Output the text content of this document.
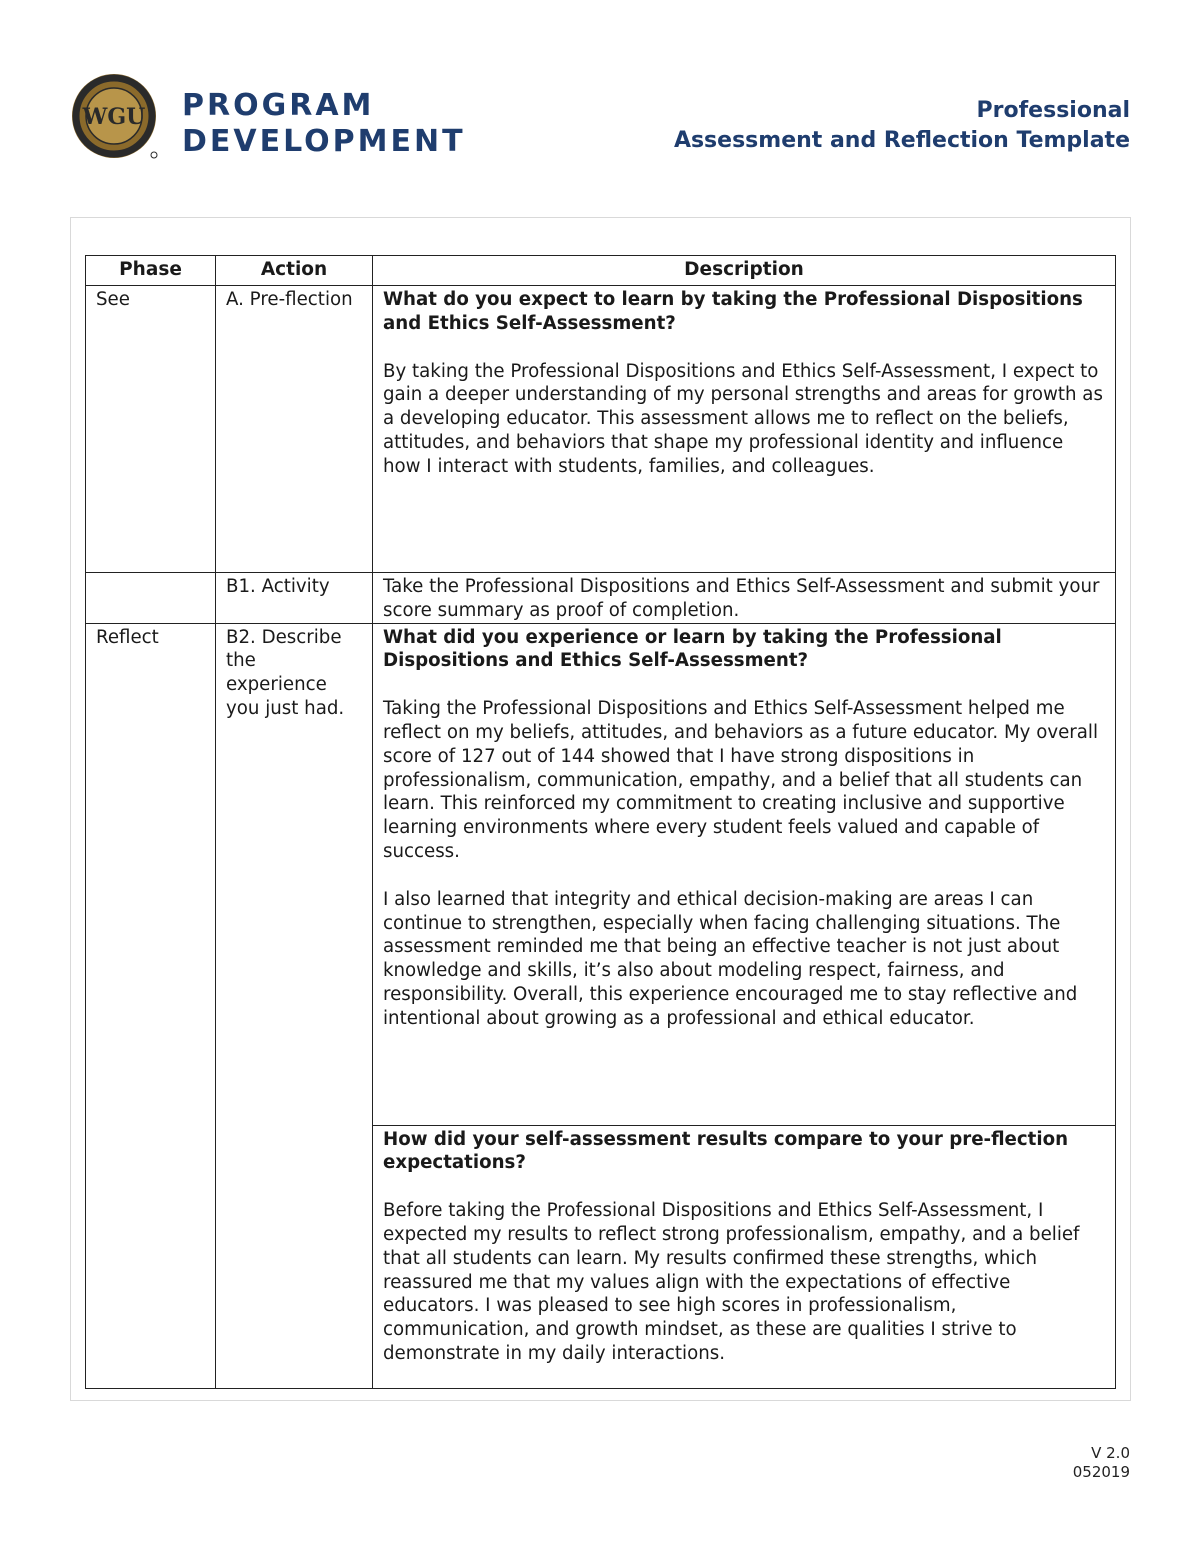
WGU PROGRAM
DEVELOPMENT
Professional
Assessment and Reflection Template
Phase	Action	Description
See	A. Pre-flection	What do you expect to learn by taking the Professional Dispositions and Ethics Self-Assessment?
By taking the Professional Dispositions and Ethics Self-Assessment, I expect to gain a deeper understanding of my personal strengths and areas for growth as a developing educator. This assessment allows me to reflect on the beliefs, attitudes, and behaviors that shape my professional identity and influence how I interact with students, families, and colleagues.

	B1. Activity	Take the Professional Dispositions and Ethics Self-Assessment and submit your score summary as proof of completion.
Reflect	B2. Describe the experience you just had.	What did you experience or learn by taking the Professional Dispositions and Ethics Self-Assessment?
Taking the Professional Dispositions and Ethics Self-Assessment helped me reflect on my beliefs, attitudes, and behaviors as a future educator. My overall score of 127 out of 144 showed that I have strong dispositions in professionalism, communication, empathy, and a belief that all students can learn. This reinforced my commitment to creating inclusive and supportive learning environments where every student feels valued and capable of success.
I also learned that integrity and ethical decision-making are areas I can continue to strengthen, especially when facing challenging situations. The assessment reminded me that being an effective teacher is not just about knowledge and skills, it’s also about modeling respect, fairness, and responsibility. Overall, this experience encouraged me to stay reflective and intentional about growing as a professional and ethical educator.

		How did your self-assessment results compare to your pre-flection expectations?
Before taking the Professional Dispositions and Ethics Self-Assessment, I expected my results to reflect strong professionalism, empathy, and a belief that all students can learn. My results confirmed these strengths, which reassured me that my values align with the expectations of effective educators. I was pleased to see high scores in professionalism, communication, and growth mindset, as these are qualities I strive to demonstrate in my daily interactions.
V 2.0
052019
